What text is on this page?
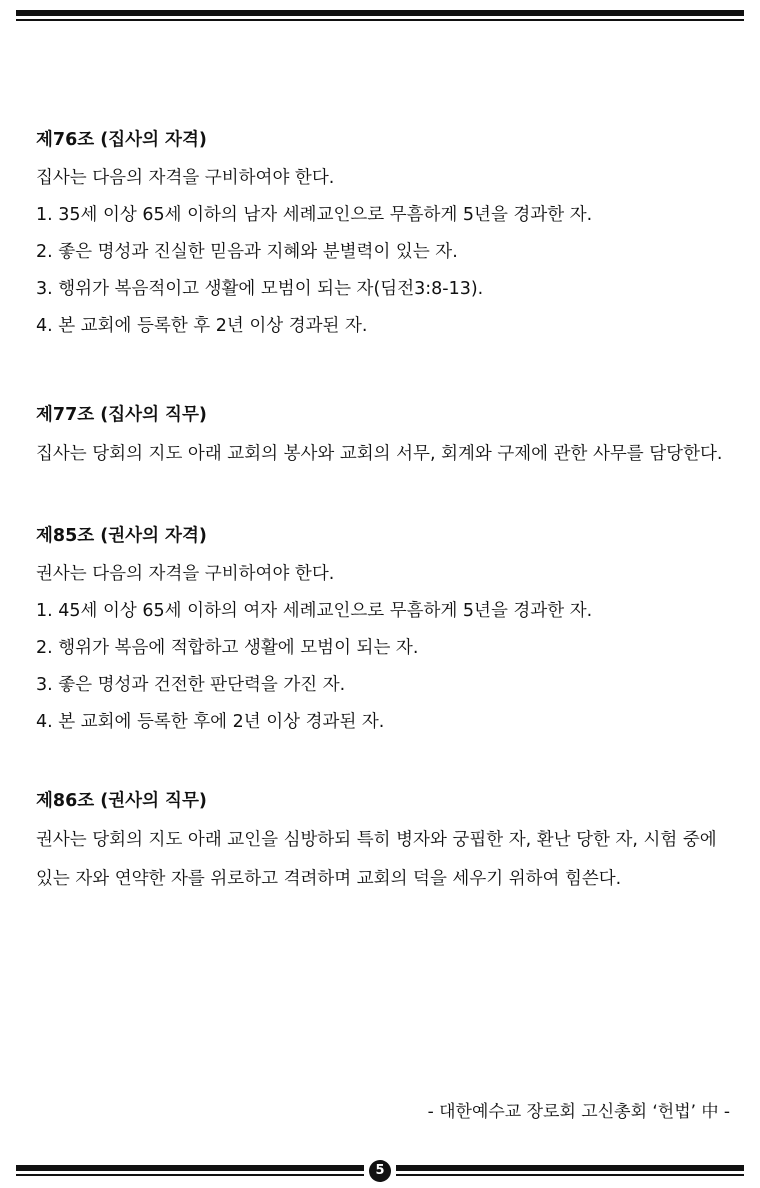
제76조 (집사의 자격)
집사는 다음의 자격을 구비하여야 한다.
1. 35세 이상 65세 이하의 남자 세례교인으로 무흠하게 5년을 경과한 자.
2. 좋은 명성과 진실한 믿음과 지혜와 분별력이 있는 자.
3. 행위가 복음적이고 생활에 모범이 되는 자(딤전3:8-13).
4. 본 교회에 등록한 후 2년 이상 경과된 자.
제77조 (집사의 직무)
집사는 당회의 지도 아래 교회의 봉사와 교회의 서무, 회계와 구제에 관한 사무를 담당한다.
제85조 (권사의 자격)
권사는 다음의 자격을 구비하여야 한다.
1. 45세 이상 65세 이하의 여자 세례교인으로 무흠하게 5년을 경과한 자.
2. 행위가 복음에 적합하고 생활에 모범이 되는 자.
3. 좋은 명성과 건전한 판단력을 가진 자.
4. 본 교회에 등록한 후에 2년 이상 경과된 자.
제86조 (권사의 직무)
권사는 당회의 지도 아래 교인을 심방하되 특히 병자와 궁핍한 자, 환난 당한 자, 시험 중에 있는 자와 연약한 자를 위로하고 격려하며 교회의 덕을 세우기 위하여 힘쓴다.
- 대한예수교 장로회 고신총회 ‘헌법’ 中 -
5
